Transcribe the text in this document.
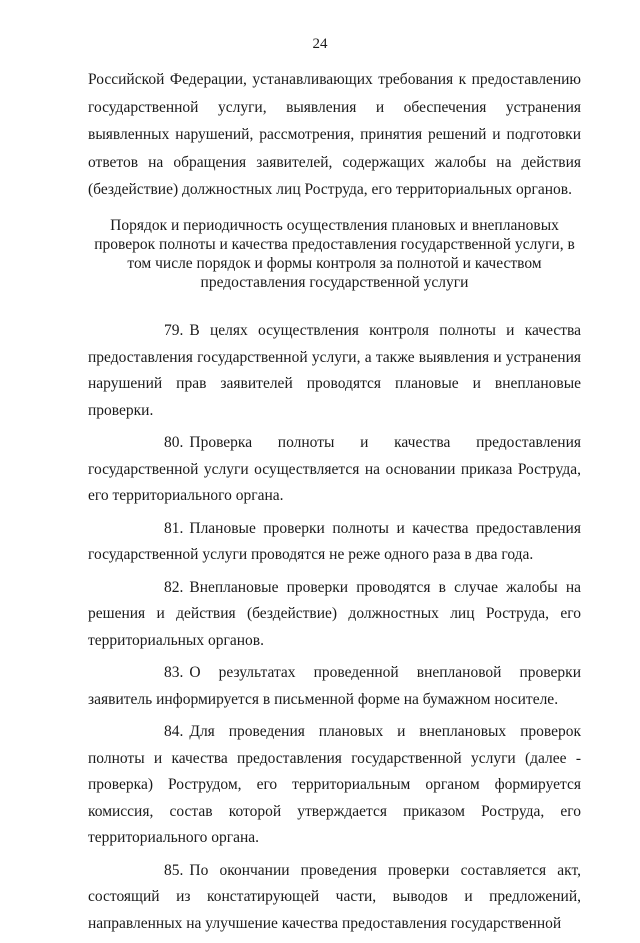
24
Российской Федерации, устанавливающих требования к предоставлению государственной услуги, выявления и обеспечения устранения выявленных нарушений, рассмотрения, принятия решений и подготовки ответов на обращения заявителей, содержащих жалобы на действия (бездействие) должностных лиц Роструда, его территориальных органов.
Порядок и периодичность осуществления плановых и внеплановых проверок полноты и качества предоставления государственной услуги, в том числе порядок и формы контроля за полнотой и качеством предоставления государственной услуги

79. В целях осуществления контроля полноты и качества предоставления государственной услуги, а также выявления и устранения нарушений прав заявителей проводятся плановые и внеплановые проверки.

80. Проверка полноты и качества предоставления государственной услуги осуществляется на основании приказа Роструда, его территориального органа.

81. Плановые проверки полноты и качества предоставления государственной услуги проводятся не реже одного раза в два года.

82. Внеплановые проверки проводятся в случае жалобы на решения и действия (бездействие) должностных лиц Роструда, его территориальных органов.

83. О результатах проведенной внеплановой проверки заявитель информируется в письменной форме на бумажном носителе.

84. Для проведения плановых и внеплановых проверок полноты и качества предоставления государственной услуги (далее - проверка) Рострудом, его территориальным органом формируется комиссия, состав которой утверждается приказом Роструда, его территориального органа.

85. По окончании проведения проверки составляется акт, состоящий из констатирующей части, выводов и предложений, направленных на улучшение качества предоставления государственной
